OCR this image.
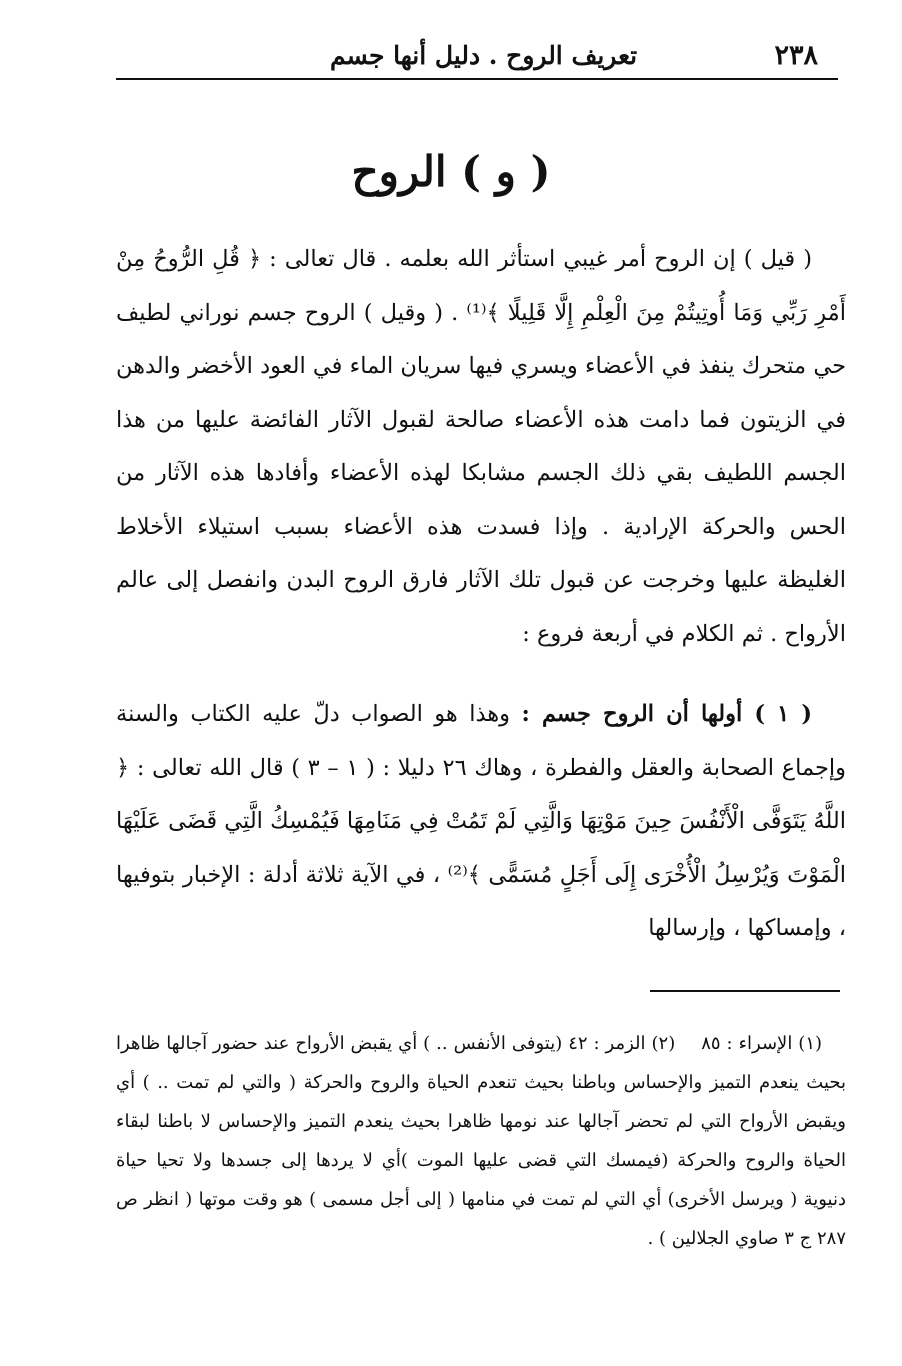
٢٣٨
تعريف الروح . دليل أنها جسم
( و ) الروح
( قيل ) إن الروح أمر غيبي استأثر الله بعلمه . قال تعالى : ﴿ قُلِ الرُّوحُ مِنْ أَمْرِ رَبِّي وَمَا أُوتِيتُمْ مِنَ الْعِلْمِ إِلَّا قَلِيلًا ﴾⁽¹⁾ . ( وقيل ) الروح جسم نوراني لطيف حي متحرك ينفذ في الأعضاء ويسري فيها سريان الماء في العود الأخضر والدهن في الزيتون فما دامت هذه الأعضاء صالحة لقبول الآثار الفائضة عليها من هذا الجسم اللطيف بقي ذلك الجسم مشابكا لهذه الأعضاء وأفادها هذه الآثار من الحس والحركة الإرادية . وإذا فسدت هذه الأعضاء بسبب استيلاء الأخلاط الغليظة عليها وخرجت عن قبول تلك الآثار فارق الروح البدن وانفصل إلى عالم الأرواح . ثم الكلام في أربعة فروع :
( ١ ) أولها أن الروح جسم : وهذا هو الصواب دلّ عليه الكتاب والسنة وإجماع الصحابة والعقل والفطرة ، وهاك ٢٦ دليلا : ( ١ – ٣ ) قال الله تعالى : ﴿ اللَّهُ يَتَوَفَّى الْأَنْفُسَ حِينَ مَوْتِهَا وَالَّتِي لَمْ تَمُتْ فِي مَنَامِهَا فَيُمْسِكُ الَّتِي قَضَى عَلَيْهَا الْمَوْتَ وَيُرْسِلُ الْأُخْرَى إِلَى أَجَلٍ مُسَمًّى ﴾⁽²⁾ ، في الآية ثلاثة أدلة : الإخبار بتوفيها ، وإمساكها ، وإرسالها
(١) الإسراء : ٨٥(٢) الزمر : ٤٢ (يتوفى الأنفس .. ) أي يقبض الأرواح عند حضور آجالها ظاهرا بحيث ينعدم التميز والإحساس وباطنا بحيث تنعدم الحياة والروح والحركة ( والتي لم تمت .. ) أي ويقبض الأرواح التي لم تحضر آجالها عند نومها ظاهرا بحيث ينعدم التميز والإحساس لا باطنا لبقاء الحياة والروح والحركة (فيمسك التي قضى عليها الموت )أي لا يردها إلى جسدها ولا تحيا حياة دنيوية ( ويرسل الأخرى) أي التي لم تمت في منامها ( إلى أجل مسمى ) هو وقت موتها ( انظر ص ٢٨٧ ج ٣ صاوي الجلالين ) .
